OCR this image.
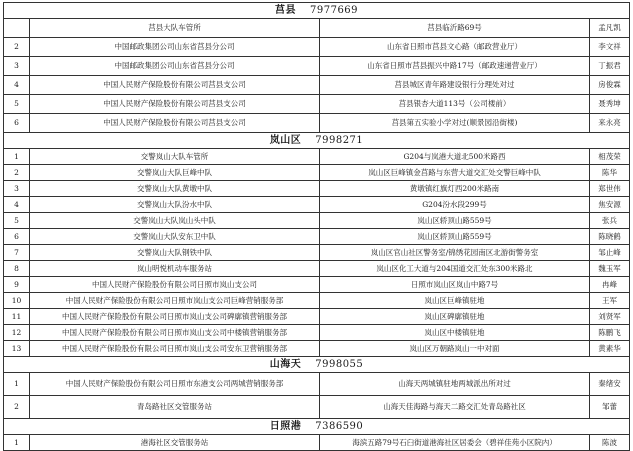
莒县 7977669			
	莒县大队车管所	莒县临沂路69号	孟凡凯
2	中国邮政集团公司山东省莒县分公司	山东省日照市莒县文心路（邮政营业厅）	李文祥
3	中国邮政集团公司山东省莒县分公司	山东省日照市莒县振兴中路17号（邮政速递营业厅）	丁振君
4	中国人民财产保险股份有限公司莒县支公司	莒县城区青年路建设银行分理处对过	房俊霖
5	中国人民财产保险股份有限公司莒县支公司	莒县银杏大道113号（公司楼前）	聂秀坤
6	中国人民财产保险股份有限公司莒县支公司	莒县第五实验小学对过(顺景园沿街楼)	来永亮
岚山区 7998271			
1	交警岚山大队车管所	G204与岚港大道北500米路西	相茂荣
2	交警岚山大队巨峰中队	岚山区巨峰镇金莒路与东营大道交汇处交警巨峰中队	陈华
3	交警岚山大队黄墩中队	黄墩镇红旗灯西200米路南	郑世伟
4	交警岚山大队汾水中队	G204汾水段299号	焦安源
5	交警岚山大队岚山头中队	岚山区轿顶山路559号	张兵
6	交警岚山大队安东卫中队	岚山区轿顶山路559号	陈晓鹤
7	交警岚山大队钢铁中队	岚山区官山社区警务室/锦绣花园南区北游街警务室	邹止峰
8	岚山明悦机动车服务站	岚山区化工大道与204国道交汇处东300米路北	魏玉军
9	中国人民财产保险股份有限公司日照市岚山支公司	日照市岚山区岚山中路7号	冉峰
10	中国人民财产保险股份有限公司日照市岚山支公司巨峰营销服务部	岚山区巨峰镇驻地	王军
11	中国人民财产保险股份有限公司日照市岚山支公司碑廓镇营销服务部	岚山区碑廓镇驻地	刘贤军
12	中国人民财产保险股份有限公司日照市岚山支公司中楼镇营销服务部	岚山区中楼镇驻地	陈鹏飞
13	中国人民财产保险股份有限公司日照市岚山支公司安东卫营销服务部	岚山区万朝路岚山一中对面	黄素华
山海天 7998055			
1	中国人民财产保险股份有限公司日照市东港支公司两城营销服务部	山海天两城镇驻地两城派出所对过	秦绪安
2	青岛路社区交管服务站	山海天佳海路与海天二路交汇处青岛路社区	邹蕾
日照港 7386590			
1	港海社区交管服务站	海滨五路79号石臼街道港海社区居委会（碧祥佳苑小区院内）	陈波
